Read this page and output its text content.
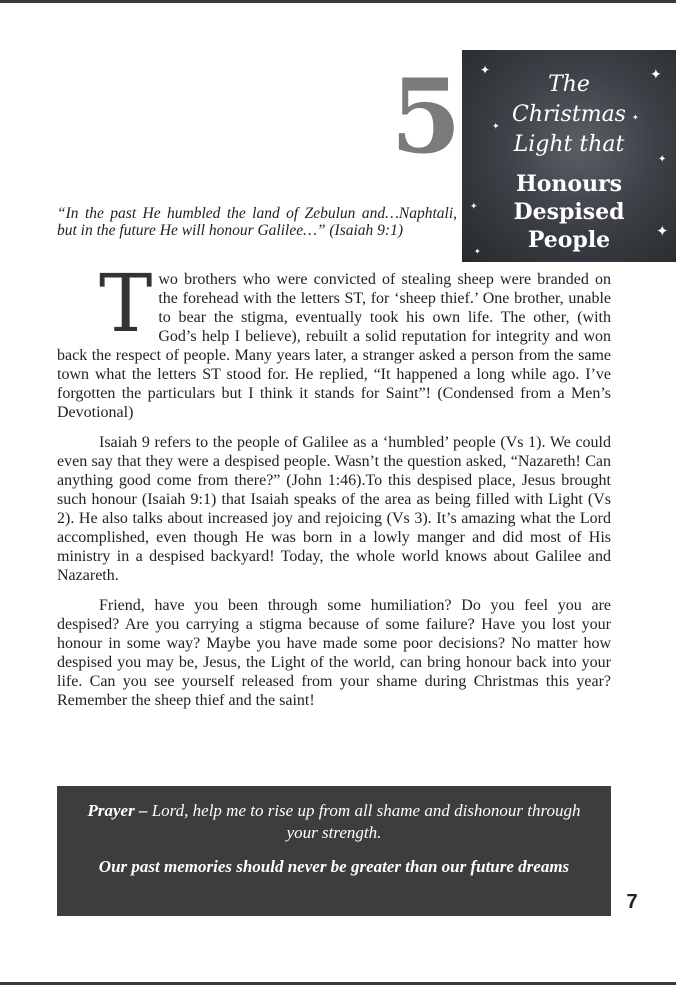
5 ✦	✦
✦
✦
✦
✦
✦
✦
The
Christmas
Light that
Honours
Despised
People
“In the past He humbled the land of Zebulun and…Naphtali, but in the future He will honour Galilee…” (Isaiah 9:1)

Two brothers who were convicted of stealing sheep were branded on the forehead with the letters ST, for ‘sheep thief.’ One brother, unable to bear the stigma, eventually took his own life. The other, (with God’s help I believe), rebuilt a solid reputation for integrity and won back the respect of people. Many years later, a stranger asked a person from the same town what the letters ST stood for. He replied, “It happened a long while ago. I’ve forgotten the particulars but I think it stands for Saint”! (Condensed from a Men’s Devotional)

Isaiah 9 refers to the people of Galilee as a ‘humbled’ people (Vs 1). We could even say that they were a despised people. Wasn’t the question asked, “Nazareth! Can anything good come from there?” (John 1:46).To this despised place, Jesus brought such honour (Isaiah 9:1) that Isaiah speaks of the area as being filled with Light (Vs 2). He also talks about increased joy and rejoicing (Vs 3). It’s amazing what the Lord accomplished, even though He was born in a lowly manger and did most of His ministry in a despised backyard! Today, the whole world knows about Galilee and Nazareth.

Friend, have you been through some humiliation? Do you feel you are despised? Are you carrying a stigma because of some failure? Have you lost your honour in some way? Maybe you have made some poor decisions? No matter how despised you may be, Jesus, the Light of the world, can bring honour back into your life. Can you see yourself released from your shame during Christmas this year? Remember the sheep thief and the saint!

Prayer – Lord, help me to rise up from all shame and dishonour through your strength.
Our past memories should never be greater than our future dreams
7
